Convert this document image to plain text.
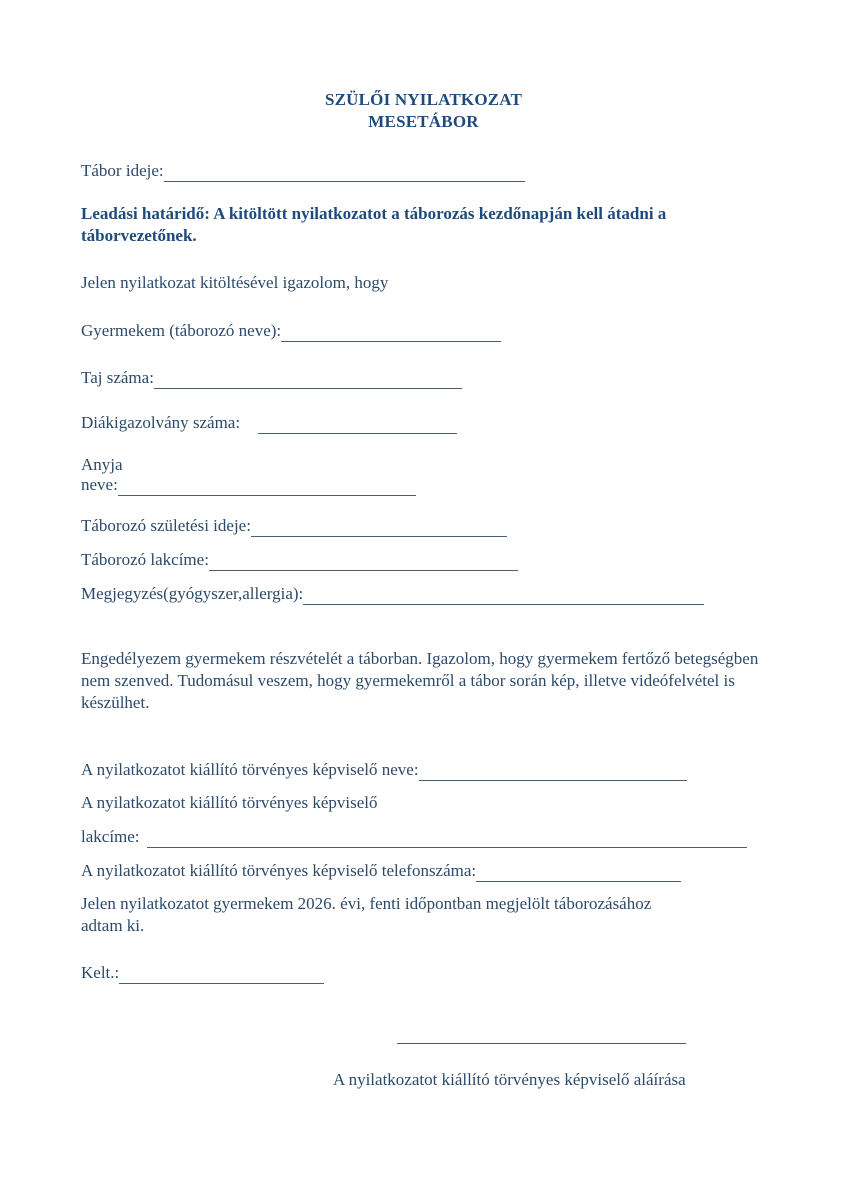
SZÜLŐI NYILATKOZAT
MESETÁBOR
Tábor ideje:
Leadási határidő: A kitöltött nyilatkozatot a táborozás kezdőnapján kell átadni a táborvezetőnek.
Jelen nyilatkozat kitöltésével igazolom, hogy
Gyermekem (táborozó neve):
Taj száma:
Diákigazolvány száma:
Anyja
neve:
Táborozó születési ideje:
Táborozó lakcíme:
Megjegyzés(gyógyszer,allergia):
Engedélyezem gyermekem részvételét a táborban. Igazolom, hogy gyermekem fertőző betegségben nem szenved. Tudomásul veszem, hogy gyermekemről a tábor során kép, illetve videófelvétel is készülhet.
A nyilatkozatot kiállító törvényes képviselő neve:
A nyilatkozatot kiállító törvényes képviselő
lakcíme:
A nyilatkozatot kiállító törvényes képviselő telefonszáma:
Jelen nyilatkozatot gyermekem 2026. évi, fenti időpontban megjelölt táborozásához adtam ki.
Kelt.:
A nyilatkozatot kiállító törvényes képviselő aláírása
